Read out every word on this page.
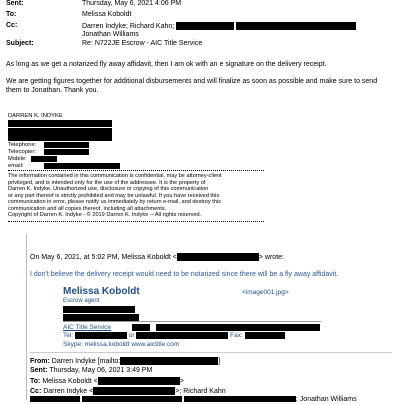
Sent:	Thursday, May 6, 2021 4:06 PM
To:	Melissa Koboldt
Cc:	Darren Indyke; Richard Kahn;
Jonathan Williams
Subject:	Re: N722JE Escrow - AIC Title Service
As long as we get a notarized fly away affidavit, then I am ok with an e signature on the delivery receipt.
We are getting figures together for additional disbursements and will finalize as soon as possible and make sure to send
them to Jonathan. Thank you.
DARREN K. INDYKE
Telephone:
Telecopier:
Mobile:
email:
The information contained in this communication is confidential, may be attorney-client
privileged, and is intended only for the use of the addressee. It is the property of
Darren K. Indyke. Unauthorized use, disclosure or copying of this communication
or any part thereof is strictly prohibited and may be unlawful. If you have received this
communication in error, please notify us immediately by return e-mail, and destroy this
communication and all copies thereof, including all attachments.
Copyright of Darren K. Indyke - © 2019 Darren K. Indyke -- All rights reserved.
On May 6, 2021, at 5:02 PM, Melissa Koboldt <	> wrote:
I don't believe the delivery receipt would need to be notarized since there will be a fly away affidavit.
Melissa Koboldt
Escrow agent
<image001.jpg>
AIC Title Service
Tel:	or	Fax:
Skype: melissa.koboldt www.aictitle.com
From: Darren Indyke [mailto:	]
Sent: Thursday, May 06, 2021 3:49 PM
To: Melissa Koboldt <	>
Cc: Darren Indyke <	>; Richard Kahn
; Jonathan Williams
